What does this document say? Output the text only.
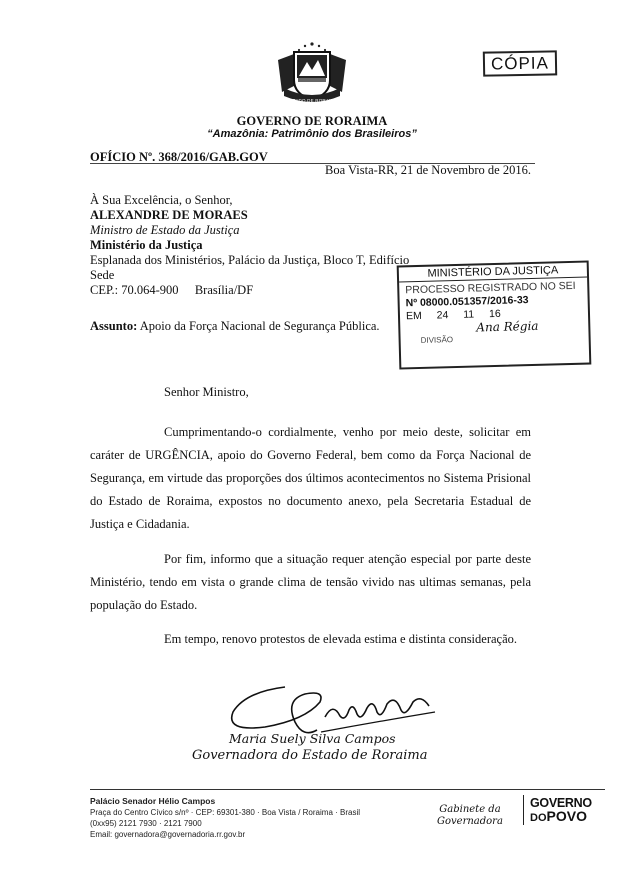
ESTADO DE RORAIMA
CÓPIA
GOVERNO DE RORAIMA
“Amazônia: Patrimônio dos Brasileiros”
OFÍCIO Nº. 368/2016/GAB.GOV
Boa Vista-RR, 21 de Novembro de 2016.
À Sua Excelência, o Senhor,
ALEXANDRE DE MORAES
Ministro de Estado da Justiça
Ministério da Justiça
Esplanada dos Ministérios, Palácio da Justiça, Bloco T, Edifício Sede
CEP.: 70.064-900 Brasília/DF
MINISTÉRIO DA JUSTIÇA
PROCESSO REGISTRADO NO SEI
Nº 08000.051357/2016-33
EM 24 11 16
Ana Régia
DIVISÃO
Assunto: Apoio da Força Nacional de Segurança Pública.
Senhor Ministro,
Cumprimentando-o cordialmente, venho por meio deste, solicitar em caráter de URGÊNCIA, apoio do Governo Federal, bem como da Força Nacional de Segurança, em virtude das proporções dos últimos acontecimentos no Sistema Prisional do Estado de Roraima, expostos no documento anexo, pela Secretaria Estadual de Justiça e Cidadania.
Por fim, informo que a situação requer atenção especial por parte deste Ministério, tendo em vista o grande clima de tensão vivido nas ultimas semanas, pela população do Estado.
Em tempo, renovo protestos de elevada estima e distinta consideração.
Maria Suely Silva Campos
Governadora do Estado de Roraima
Palácio Senador Hélio Campos
Praça do Centro Cívico s/nº · CEP: 69301-380 · Boa Vista / Roraima · Brasil
(0xx95) 2121 7930 · 2121 7900
Email: governadora@governadoria.rr.gov.br
Gabinete da
Governadora
GOVERNO
DOPOVO
